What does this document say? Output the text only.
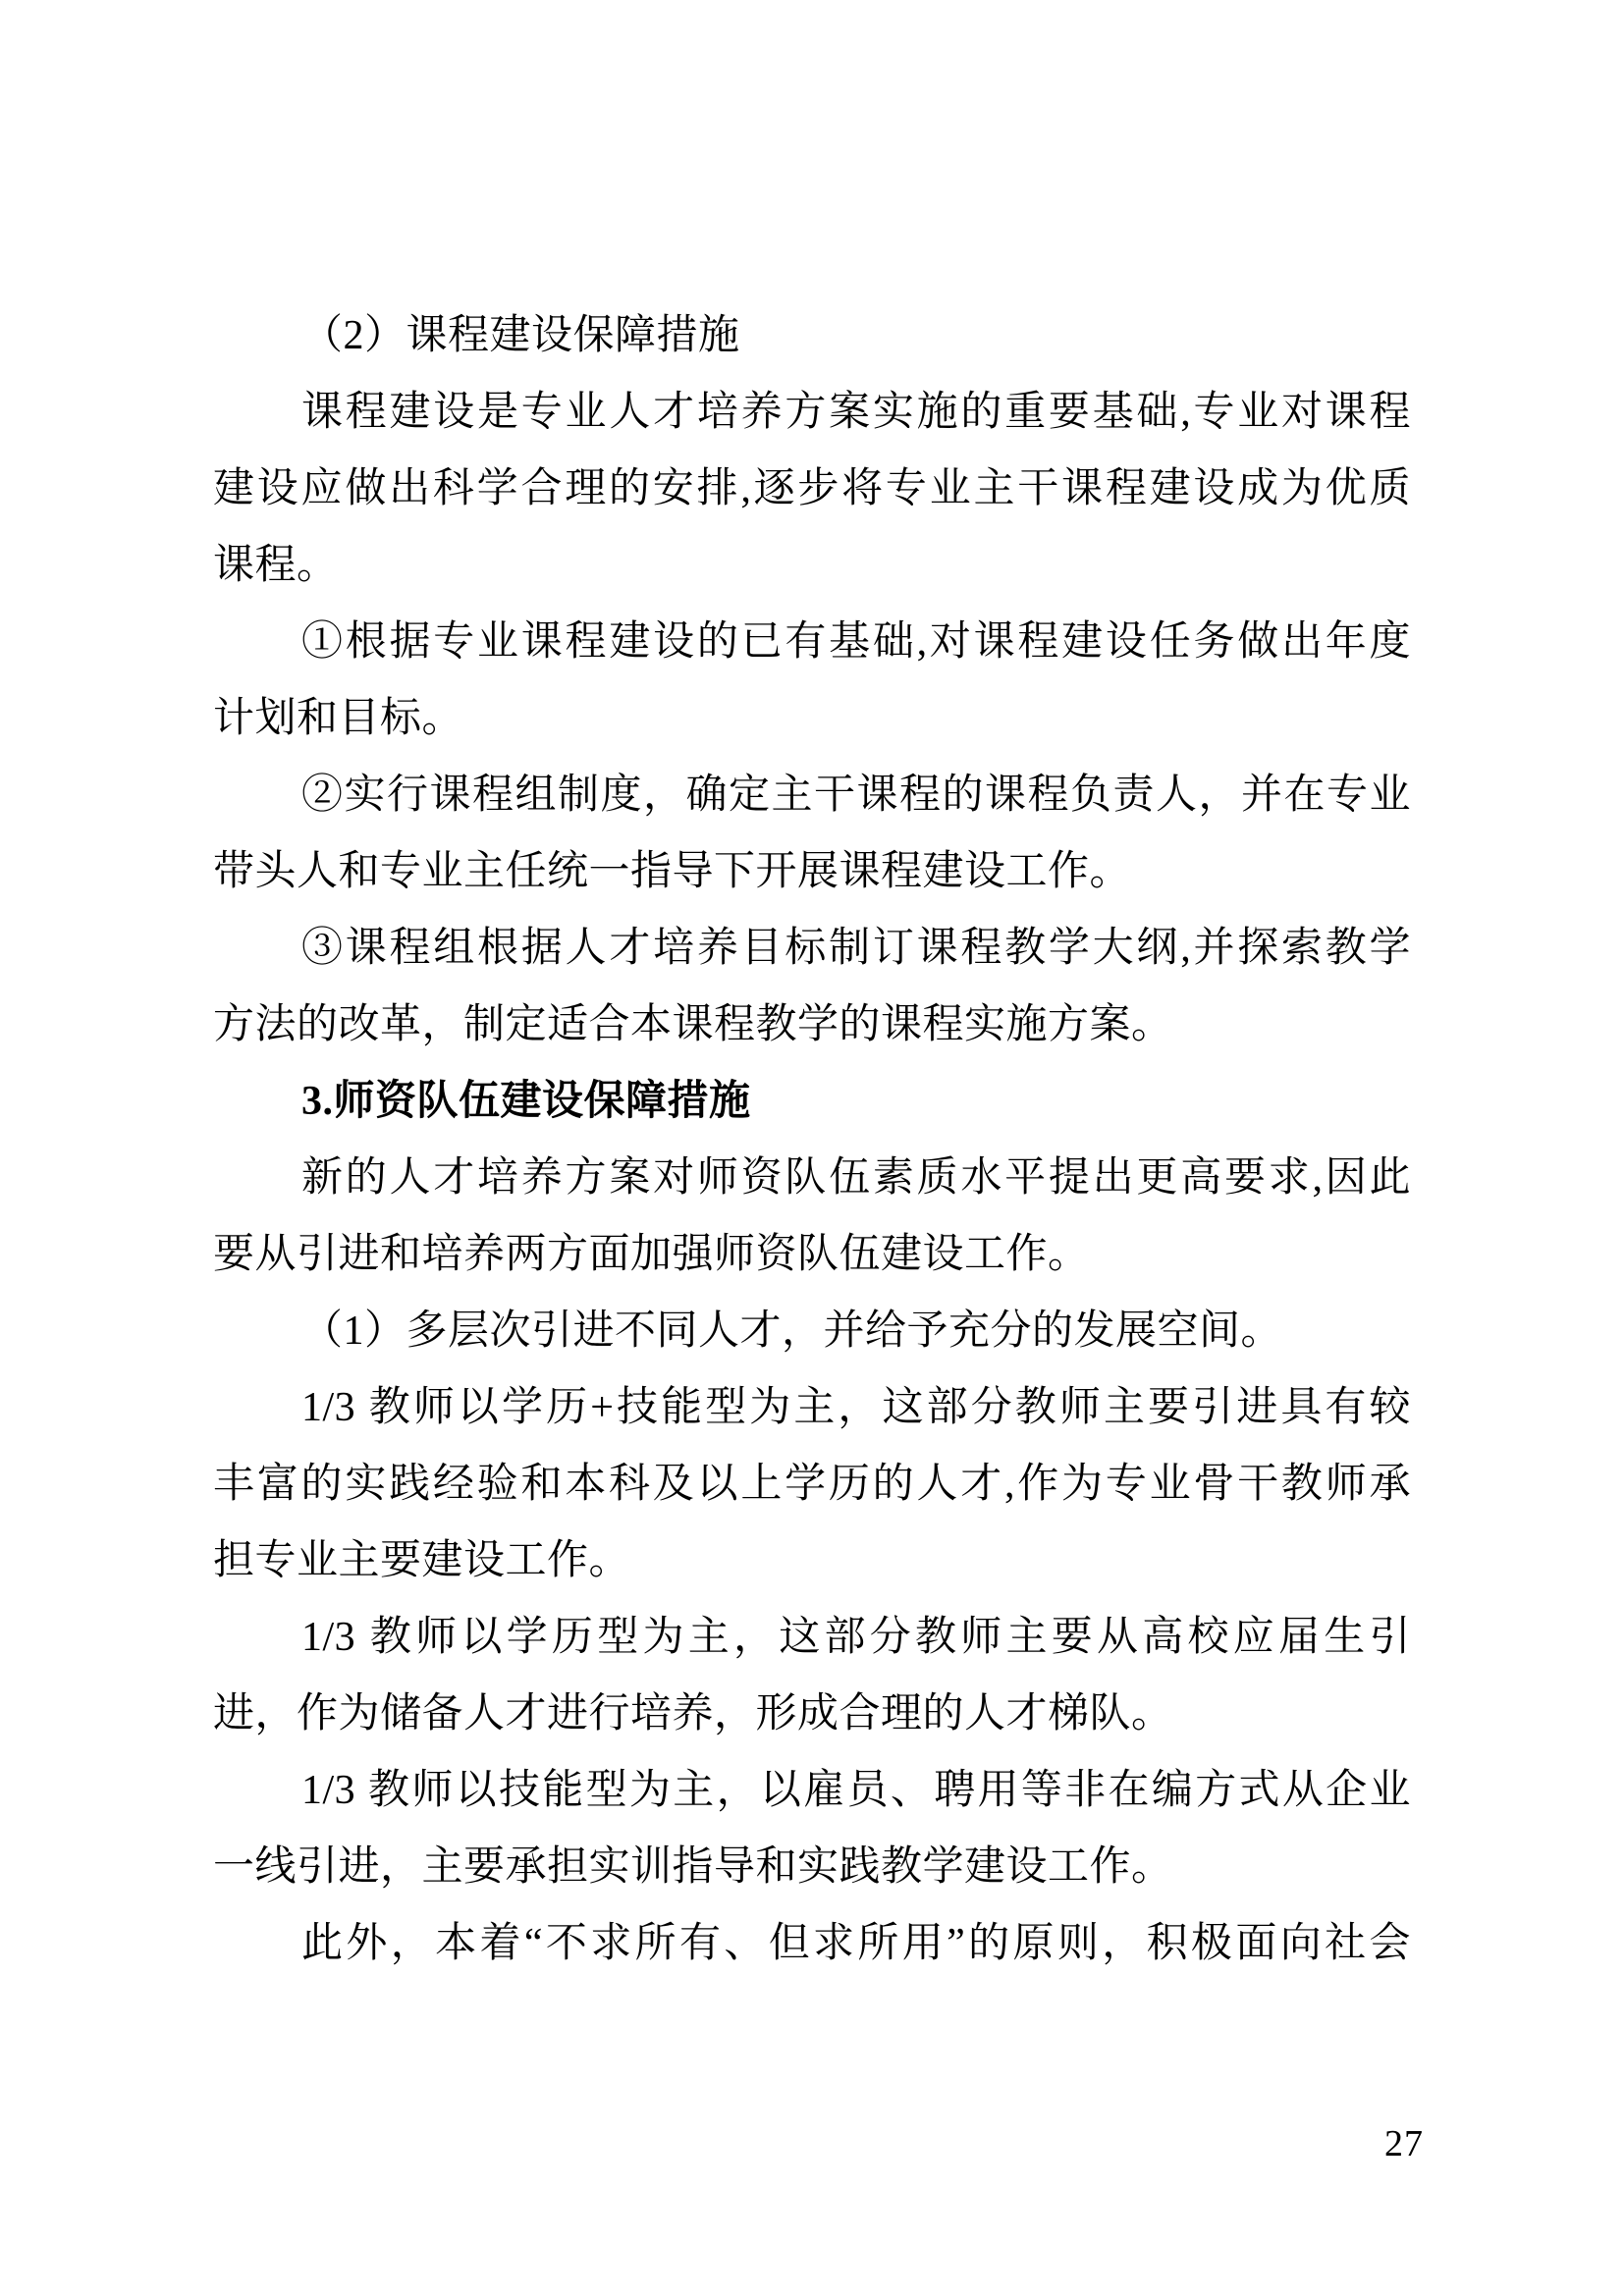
（2）课程建设保障措施
课程建设是专业人才培养方案实施的重要基础,专业对课程
建设应做出科学合理的安排,逐步将专业主干课程建设成为优质
课程。
①根据专业课程建设的已有基础,对课程建设任务做出年度
计划和目标。
②实行课程组制度，确定主干课程的课程负责人，并在专业
带头人和专业主任统一指导下开展课程建设工作。
③课程组根据人才培养目标制订课程教学大纲,并探索教学
方法的改革，制定适合本课程教学的课程实施方案。
3.师资队伍建设保障措施
新的人才培养方案对师资队伍素质水平提出更高要求,因此
要从引进和培养两方面加强师资队伍建设工作。
（1）多层次引进不同人才，并给予充分的发展空间。
1/3 教师以学历+技能型为主，这部分教师主要引进具有较
丰富的实践经验和本科及以上学历的人才,作为专业骨干教师承
担专业主要建设工作。
1/3 教师以学历型为主，这部分教师主要从高校应届生引
进，作为储备人才进行培养，形成合理的人才梯队。
1/3 教师以技能型为主，以雇员、聘用等非在编方式从企业
一线引进，主要承担实训指导和实践教学建设工作。
此外，本着“不求所有、但求所用”的原则，积极面向社会
27
